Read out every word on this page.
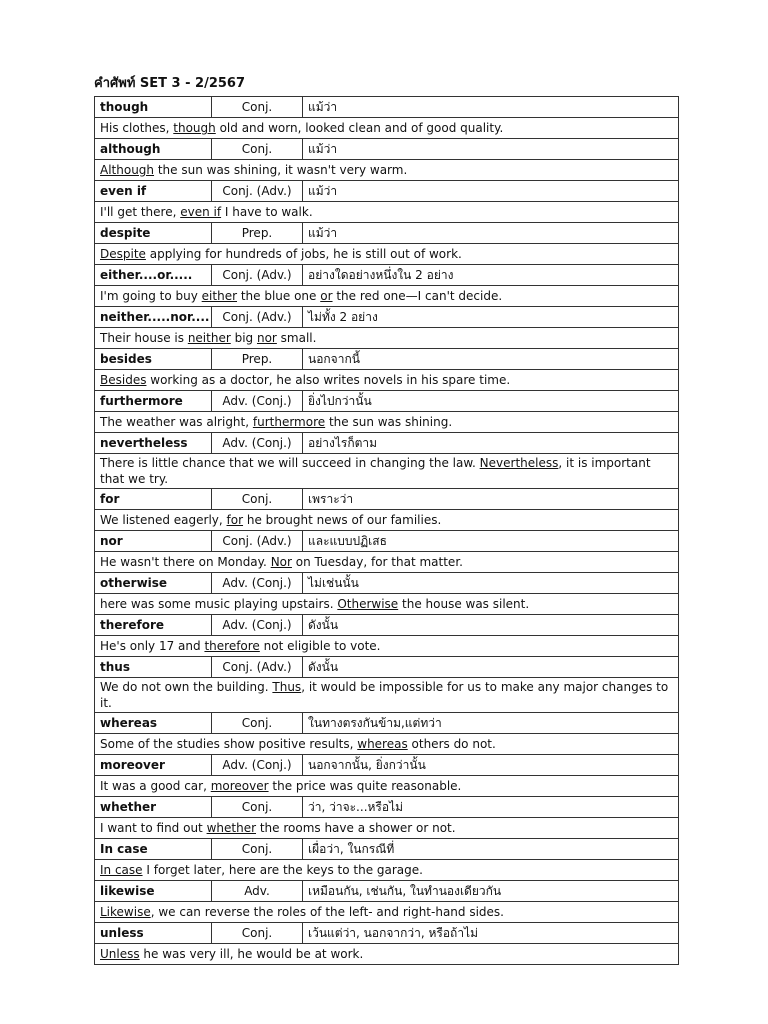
คำศัพท์ SET 3 - 2/2567
though	Conj.	แม้ว่า
His clothes, though old and worn, looked clean and of good quality.		
although	Conj.	แม้ว่า
Although the sun was shining, it wasn't very warm.		
even if	Conj. (Adv.)	แม้ว่า
I'll get there, even if I have to walk.		
despite	Prep.	แม้ว่า
Despite applying for hundreds of jobs, he is still out of work.		
either....or.....	Conj. (Adv.)	อย่างใดอย่างหนึ่งใน 2 อย่าง
I'm going to buy either the blue one or the red one—I can't decide.		
neither.....nor....	Conj. (Adv.)	ไม่ทั้ง 2 อย่าง
Their house is neither big nor small.		
besides	Prep.	นอกจากนี้
Besides working as a doctor, he also writes novels in his spare time.		
furthermore	Adv. (Conj.)	ยิ่งไปกว่านั้น
The weather was alright, furthermore the sun was shining.		
nevertheless	Adv. (Conj.)	อย่างไรก็ตาม
There is little chance that we will succeed in changing the law. Nevertheless, it is important that we try.		
for	Conj.	เพราะว่า
We listened eagerly, for he brought news of our families.		
nor	Conj. (Adv.)	และแบบปฏิเสธ
He wasn't there on Monday. Nor on Tuesday, for that matter.		
otherwise	Adv. (Conj.)	ไม่เช่นนั้น
here was some music playing upstairs. Otherwise the house was silent.		
therefore	Adv. (Conj.)	ดังนั้น
He's only 17 and therefore not eligible to vote.		
thus	Conj. (Adv.)	ดังนั้น
We do not own the building. Thus, it would be impossible for us to make any major changes to it.		
whereas	Conj.	ในทางตรงกันข้าม,แต่ทว่า
Some of the studies show positive results, whereas others do not.		
moreover	Adv. (Conj.)	นอกจากนั้น, ยิ่งกว่านั้น
It was a good car, moreover the price was quite reasonable.		
whether	Conj.	ว่า, ว่าจะ...หรือไม่
I want to find out whether the rooms have a shower or not.		
In case	Conj.	เผื่อว่า, ในกรณีที่
In case I forget later, here are the keys to the garage.		
likewise	Adv.	เหมือนกัน, เช่นกัน, ในทำนองเดียวกัน
Likewise, we can reverse the roles of the left- and right-hand sides.		
unless	Conj.	เว้นแต่ว่า, นอกจากว่า, หรือถ้าไม่
Unless he was very ill, he would be at work.		
